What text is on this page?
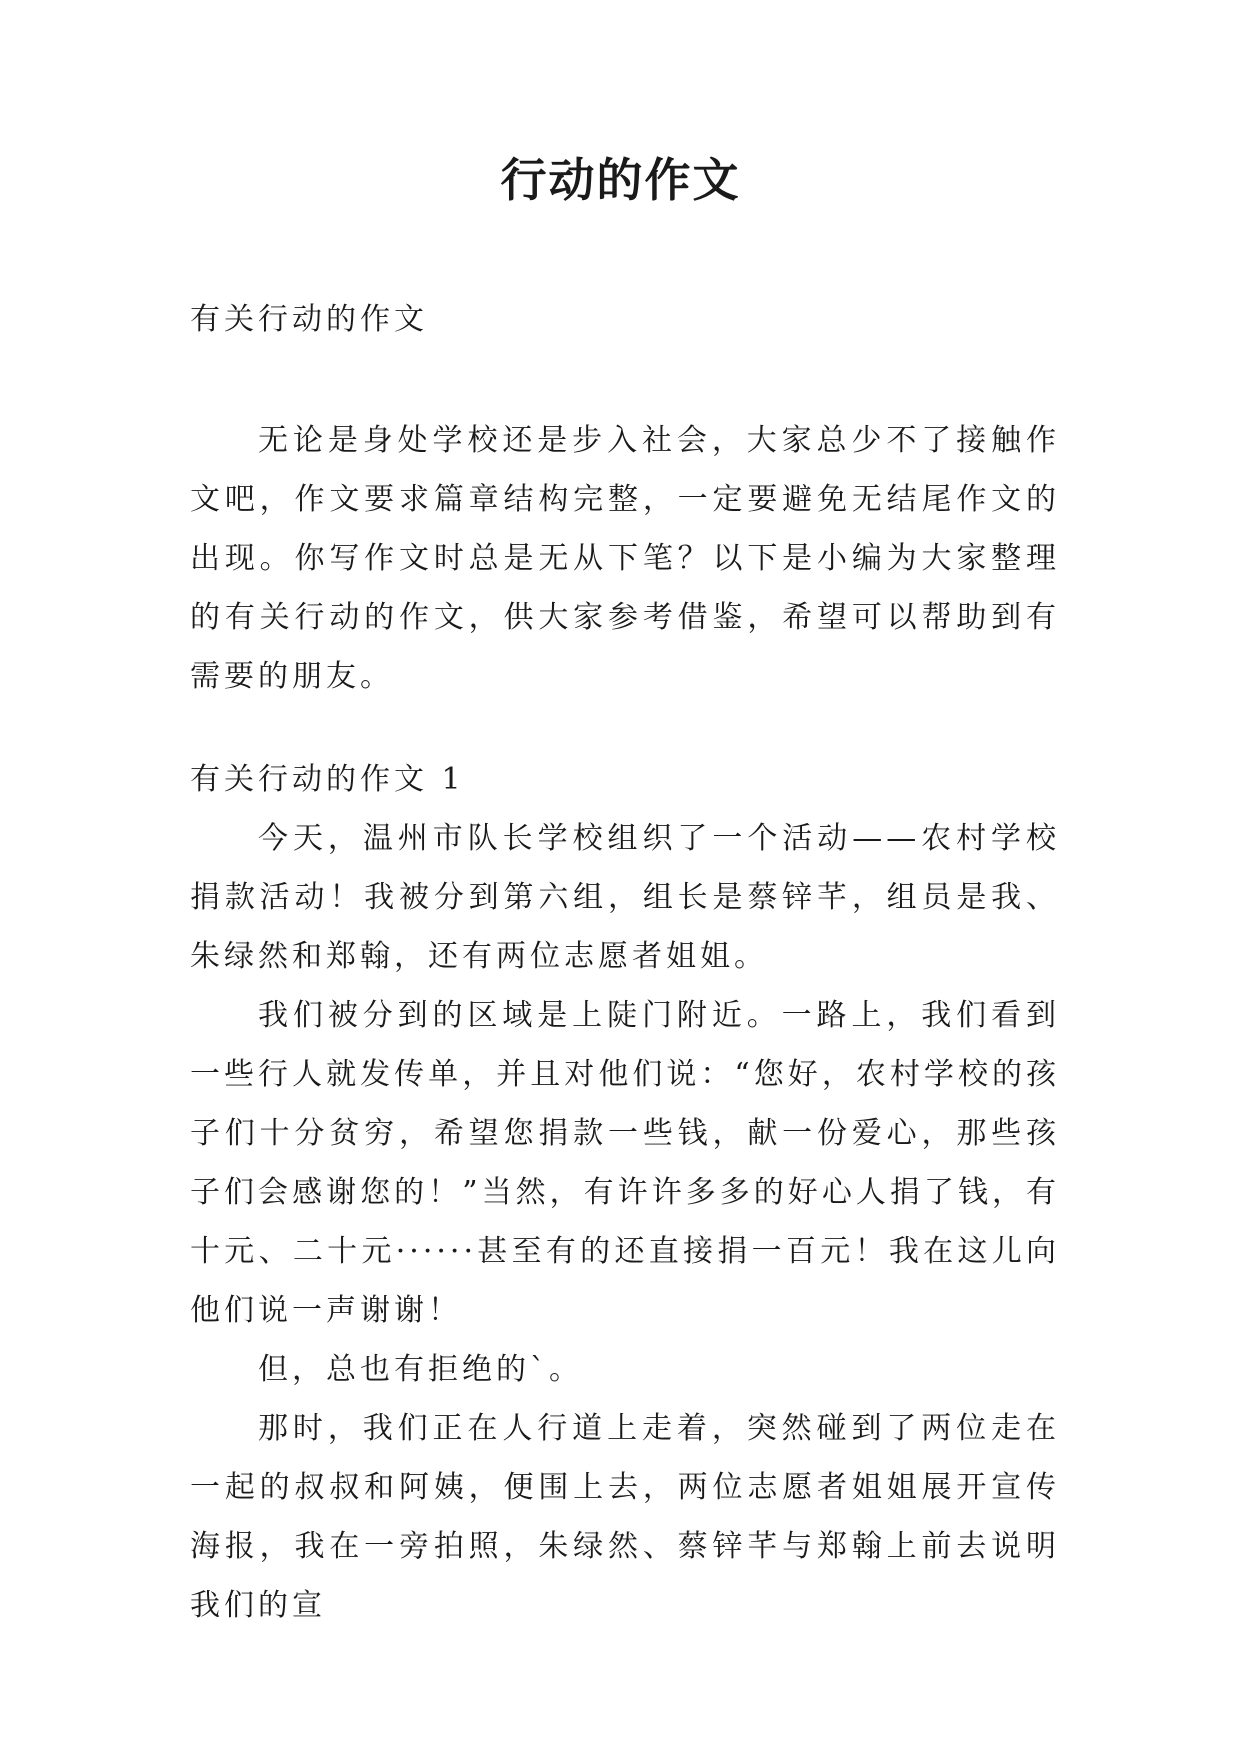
行动的作文

有关行动的作文

无论是身处学校还是步入社会，大家总少不了接触作文吧，作文要求篇章结构完整，一定要避免无结尾作文的出现。你写作文时总是无从下笔？以下是小编为大家整理的有关行动的作文，供大家参考借鉴，希望可以帮助到有需要的朋友。

有关行动的作文 1

今天，温州市队长学校组织了一个活动——农村学校捐款活动！我被分到第六组，组长是蔡锌芊，组员是我、朱绿然和郑翰，还有两位志愿者姐姐。

我们被分到的区域是上陡门附近。一路上，我们看到一些行人就发传单，并且对他们说：“您好，农村学校的孩子们十分贫穷，希望您捐款一些钱，献一份爱心，那些孩子们会感谢您的！”当然，有许许多多的好心人捐了钱，有十元、二十元······甚至有的还直接捐一百元！我在这儿向他们说一声谢谢！

但，总也有拒绝的`。

那时，我们正在人行道上走着，突然碰到了两位走在一起的叔叔和阿姨，便围上去，两位志愿者姐姐展开宣传海报，我在一旁拍照，朱绿然、蔡锌芊与郑翰上前去说明我们的宣
